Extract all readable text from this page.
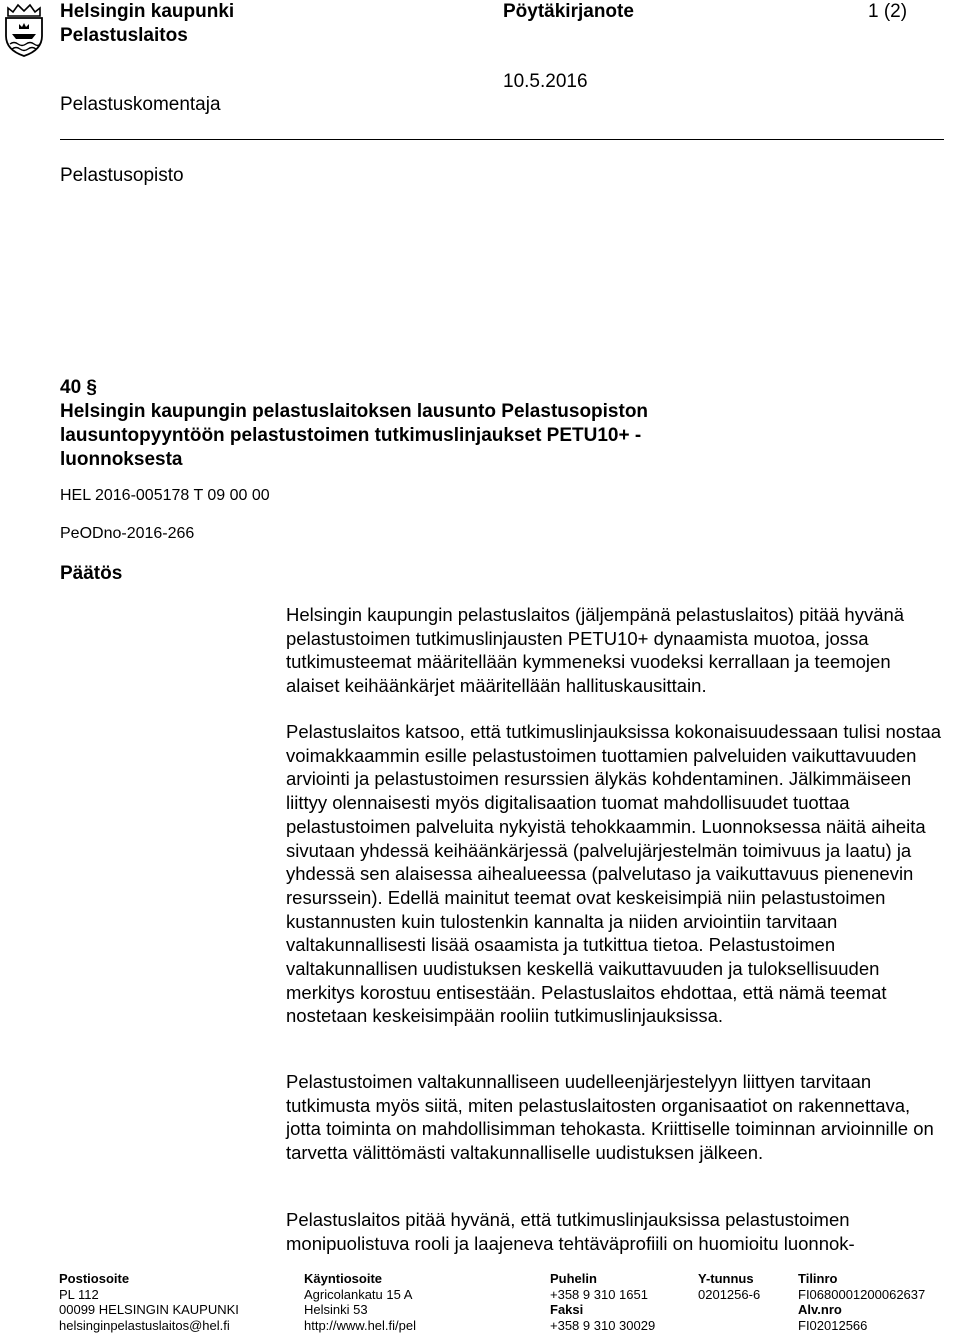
Helsingin kaupunki
Pelastuslaitos
Pöytäkirjanote	1 (2)
10.5.2016
Pelastuskomentaja
Pelastusopisto
40 §
Helsingin kaupungin pelastuslaitoksen lausunto Pelastusopiston lausuntopyyntöön pelastustoimen tutkimuslinjaukset PETU10+ -luonnoksesta
HEL 2016-005178 T 09 00 00
PeODno-2016-266
Päätös

Helsingin kaupungin pelastuslaitos (jäljempänä pelastuslaitos) pitää hyvänä pelastustoimen tutkimuslinjausten PETU10+ dynaamista muotoa, jossa tutkimusteemat määritellään kymmeneksi vuodeksi kerrallaan ja teemojen alaiset keihäänkärjet määritellään hallituskausittain.

Pelastuslaitos katsoo, että tutkimuslinjauksissa kokonaisuudessaan tulisi nostaa voimakkaammin esille pelastustoimen tuottamien palveluiden vaikuttavuuden arviointi ja pelastustoimen resurssien älykäs kohdentaminen. Jälkimmäiseen liittyy olennaisesti myös digitalisaation tuomat mahdollisuudet tuottaa pelastustoimen palveluita nykyistä tehokkaammin. Luonnoksessa näitä aiheita sivutaan yhdessä keihäänkärjessä (palvelujärjestelmän toimivuus ja laatu) ja yhdessä sen alaisessa aihealueessa (palvelutaso ja vaikuttavuus pienenevin resurssein). Edellä mainitut teemat ovat keskeisimpiä niin pelastustoimen kustannusten kuin tulostenkin kannalta ja niiden arviointiin tarvitaan valtakunnallisesti lisää osaamista ja tutkittua tietoa. Pelastustoimen valtakunnallisen uudistuksen keskellä vaikuttavuuden ja tuloksellisuuden merkitys korostuu entisestään. Pelastuslaitos ehdottaa, että nämä teemat nostetaan keskeisimpään rooliin tutkimuslinjauksissa.

Pelastustoimen valtakunnalliseen uudelleenjärjestelyyn liittyen tarvitaan tutkimusta myös siitä, miten pelastuslaitosten organisaatiot on rakennettava, jotta toiminta on mahdollisimman tehokasta. Kriittiselle toiminnan arvioinnille on tarvetta välittömästi valtakunnalliselle uudistuksen jälkeen.

Pelastuslaitos pitää hyvänä, että tutkimuslinjauksissa pelastustoimen monipuolistuva rooli ja laajeneva tehtäväprofiili on huomioitu luonnok-

Postiosoite
PL 112
00099 HELSINGIN KAUPUNKI
helsinginpelastuslaitos@hel.fi
Käyntiosoite
Agricolankatu 15 A
Helsinki 53
http://www.hel.fi/pel
Puhelin
+358 9 310 1651
Faksi
+358 9 310 30029
Y-tunnus
0201256-6
Tilinro
FI0680001200062637
Alv.nro
FI02012566
